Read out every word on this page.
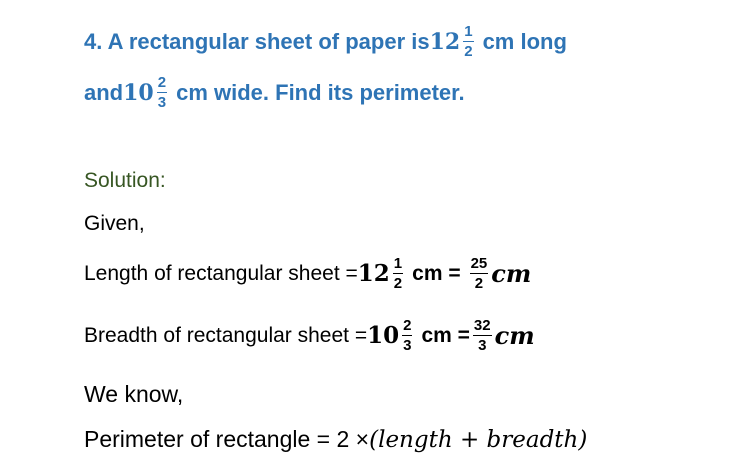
4. A rectangular sheet of paper is $12 \frac{1}{2}$ cm long
and $10 \frac{2}{3}$ cm wide. Find its perimeter.
Solution:
Given,
Length of rectangular sheet = $12 \frac{1}{2}$ cm = $\frac{25}{2}$ cm
Breadth of rectangular sheet = $10 \frac{2}{3}$ cm = $\frac{32}{3}$ cm
We know,
Perimeter of rectangle = 2 × (length + breadth)
